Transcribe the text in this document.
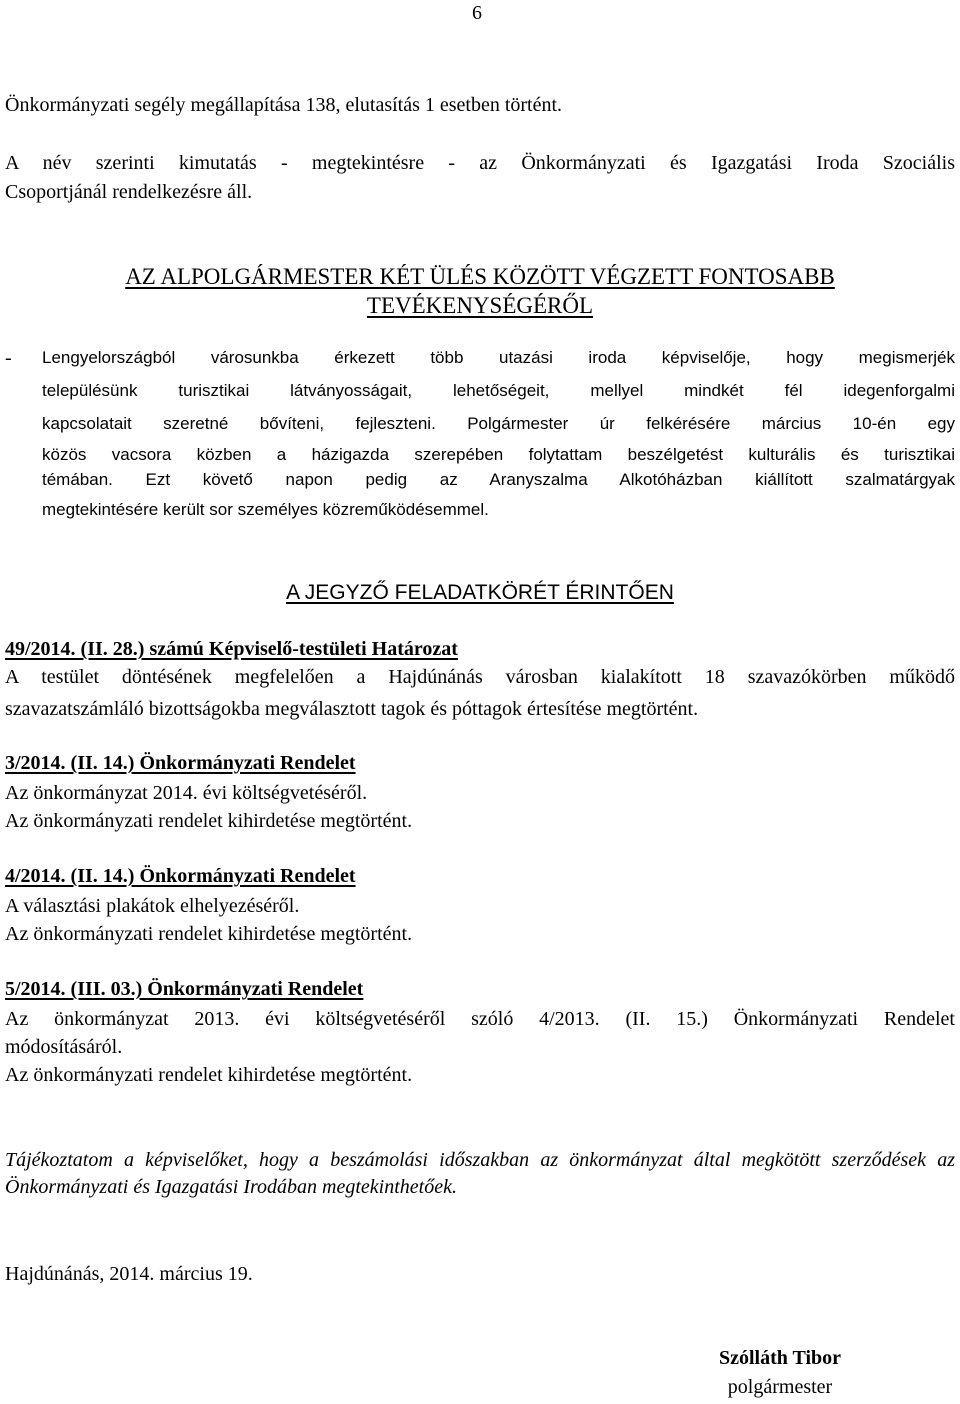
6
Önkormányzati segély megállapítása 138, elutasítás 1 esetben történt.
A név szerinti kimutatás - megtekintésre - az Önkormányzati és Igazgatási Iroda Szociális
Csoportjánál rendelkezésre áll.
AZ ALPOLGÁRMESTER KÉT ÜLÉS KÖZÖTT VÉGZETT FONTOSABB
TEVÉKENYSÉGÉRŐL
- Lengyelországból városunkba érkezett több utazási iroda képviselője, hogy megismerjék
településünk turisztikai látványosságait, lehetőségeit, mellyel mindkét fél idegenforgalmi
kapcsolatait szeretné bővíteni, fejleszteni. Polgármester úr felkérésére március 10-én egy
közös vacsora közben a házigazda szerepében folytattam beszélgetést kulturális és turisztikai
témában. Ezt követő napon pedig az Aranyszalma Alkotóházban kiállított szalmatárgyak
megtekintésére került sor személyes közreműködésemmel.
A JEGYZŐ FELADATKÖRÉT ÉRINTŐEN
49/2014. (II. 28.) számú Képviselő-testületi Határozat
A testület döntésének megfelelően a Hajdúnánás városban kialakított 18 szavazókörben működő
szavazatszámláló bizottságokba megválasztott tagok és póttagok értesítése megtörtént.
3/2014. (II. 14.) Önkormányzati Rendelet
Az önkormányzat 2014. évi költségvetéséről.
Az önkormányzati rendelet kihirdetése megtörtént.
4/2014. (II. 14.) Önkormányzati Rendelet
A választási plakátok elhelyezéséről.
Az önkormányzati rendelet kihirdetése megtörtént.
5/2014. (III. 03.) Önkormányzati Rendelet
Az önkormányzat 2013. évi költségvetéséről szóló 4/2013. (II. 15.) Önkormányzati Rendelet
módosításáról.
Az önkormányzati rendelet kihirdetése megtörtént.
Tájékoztatom a képviselőket, hogy a beszámolási időszakban az önkormányzat által megkötött szerződések az
Önkormányzati és Igazgatási Irodában megtekinthetőek.
Hajdúnánás, 2014. március 19.
Szólláth Tibor
polgármester
